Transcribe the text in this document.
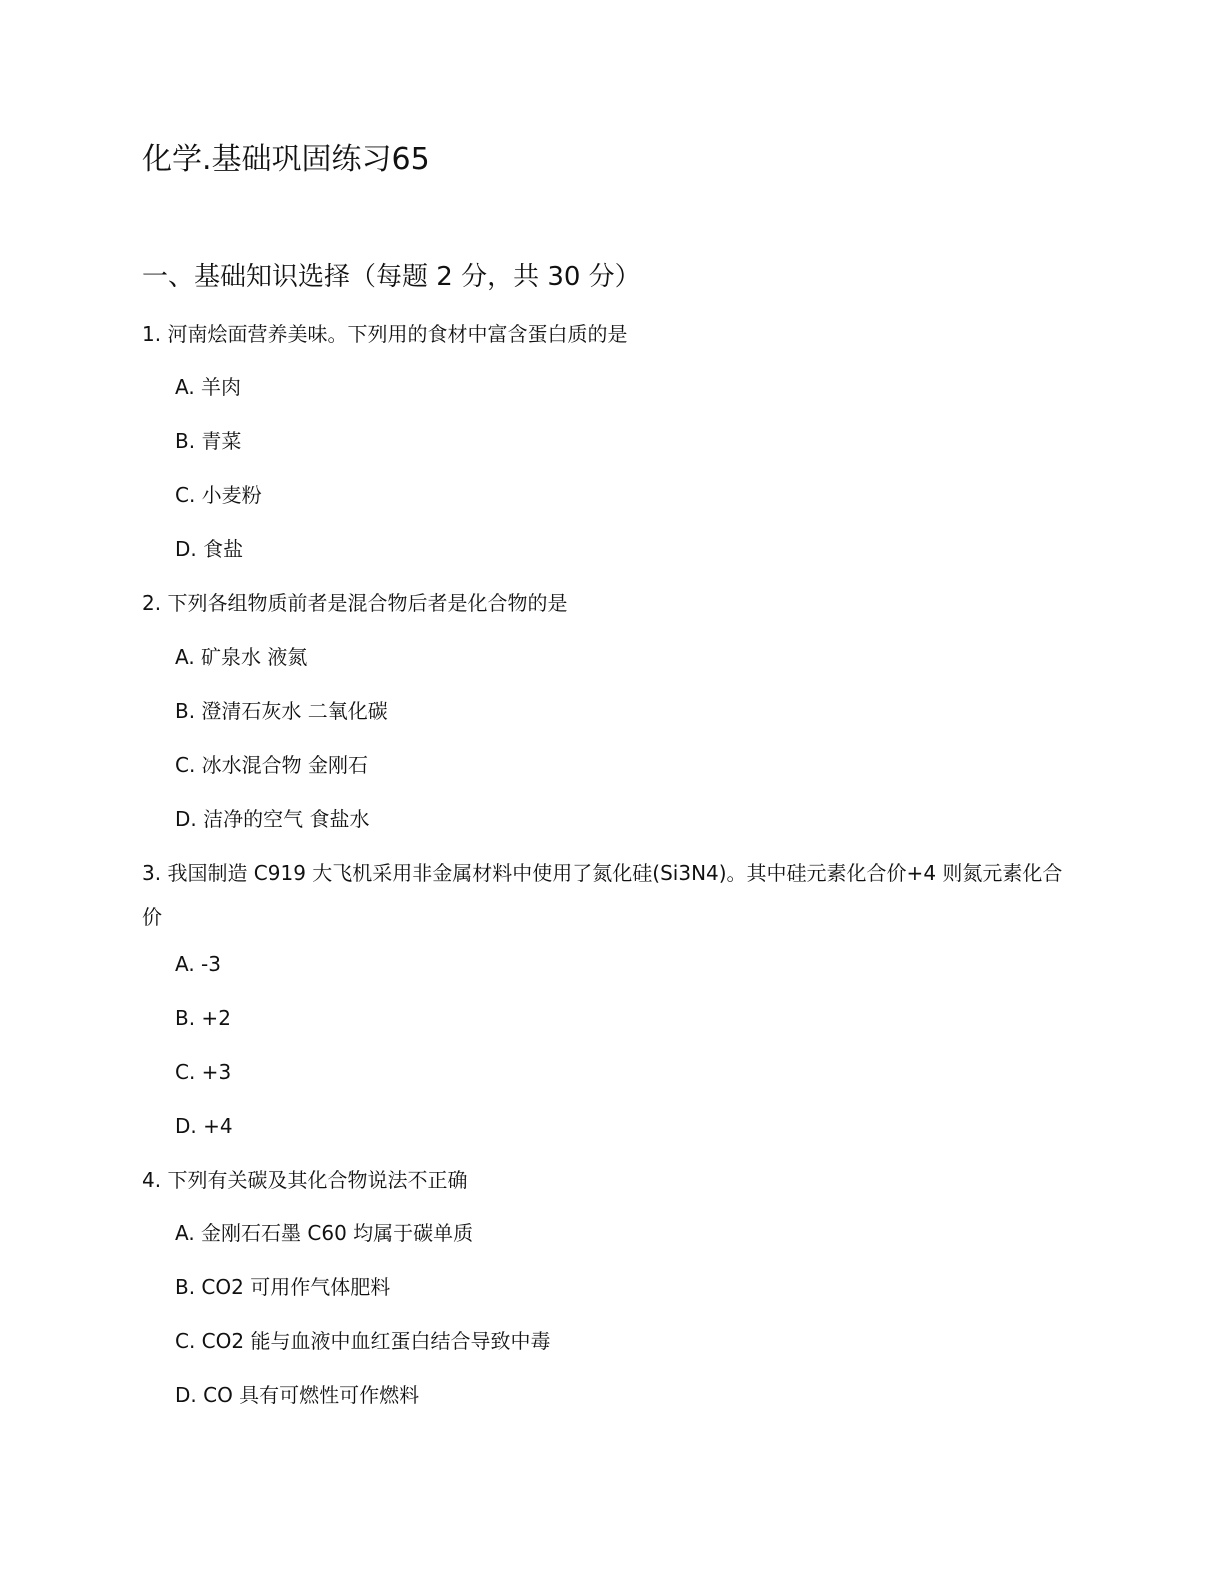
化学.基础巩固练习65
一、基础知识选择（每题 2 分，共 30 分）
1. 河南烩面营养美味。下列用的食材中富含蛋白质的是
A. 羊肉
B. 青菜
C. 小麦粉
D. 食盐
2. 下列各组物质前者是混合物后者是化合物的是
A. 矿泉水 液氮
B. 澄清石灰水 二氧化碳
C. 冰水混合物 金刚石
D. 洁净的空气 食盐水
3. 我国制造 C919 大飞机采用非金属材料中使用了氮化硅(Si3N4)。其中硅元素化合价+4 则氮元素化合价
A. -3
B. +2
C. +3
D. +4
4. 下列有关碳及其化合物说法不正确
A. 金刚石石墨 C60 均属于碳单质
B. CO2 可用作气体肥料
C. CO2 能与血液中血红蛋白结合导致中毒
D. CO 具有可燃性可作燃料
